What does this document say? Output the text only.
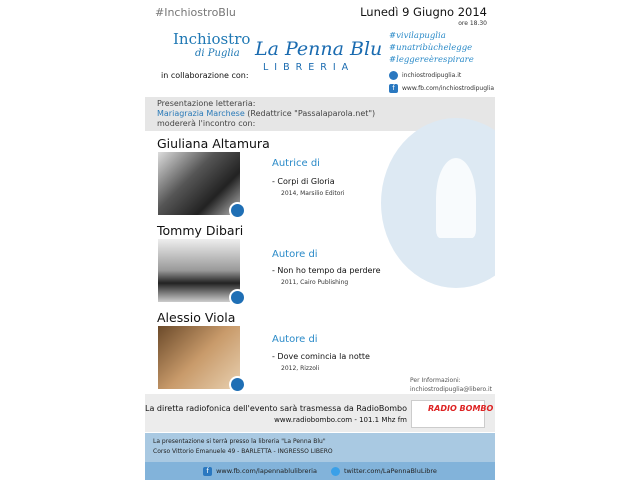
#InchiostroBlu	Lunedì 9 Giugno 2014
ore 18.30
Inchiostro
di Puglia
in collaborazione con:
La Penna Blu
LIBRERIA
#vivilapuglia
#unatribùchelegge
#leggereèrespirare
inchiostrodipuglia.it
f	www.fb.com/inchiostrodipuglia
Presentazione letteraria:
Mariagrazia Marchese (Redattrice "Passalaparola.net")
modererà l'incontro con:
Giuliana Altamura
Autrice di
- Corpi di Gloria
2014, Marsilio Editori
Tommy Dibari
Autore di
- Non ho tempo da perdere
2011, Cairo Publishing
Alessio Viola
Autore di
- Dove comincia la notte
2012, Rizzoli
Per Informazioni:
inchiostrodipuglia@libero.it
La diretta radiofonica dell'evento sarà trasmessa da RadioBombo
www.radiobombo.com - 101.1 Mhz fm
RADIO BOMBO
La presentazione si terrà presso la libreria "La Penna Blu"
Corso Vittorio Emanuele 49 - BARLETTA - INGRESSO LIBERO
f	www.fb.com/lapennablulibreria	twitter.com/LaPennaBluLibre
